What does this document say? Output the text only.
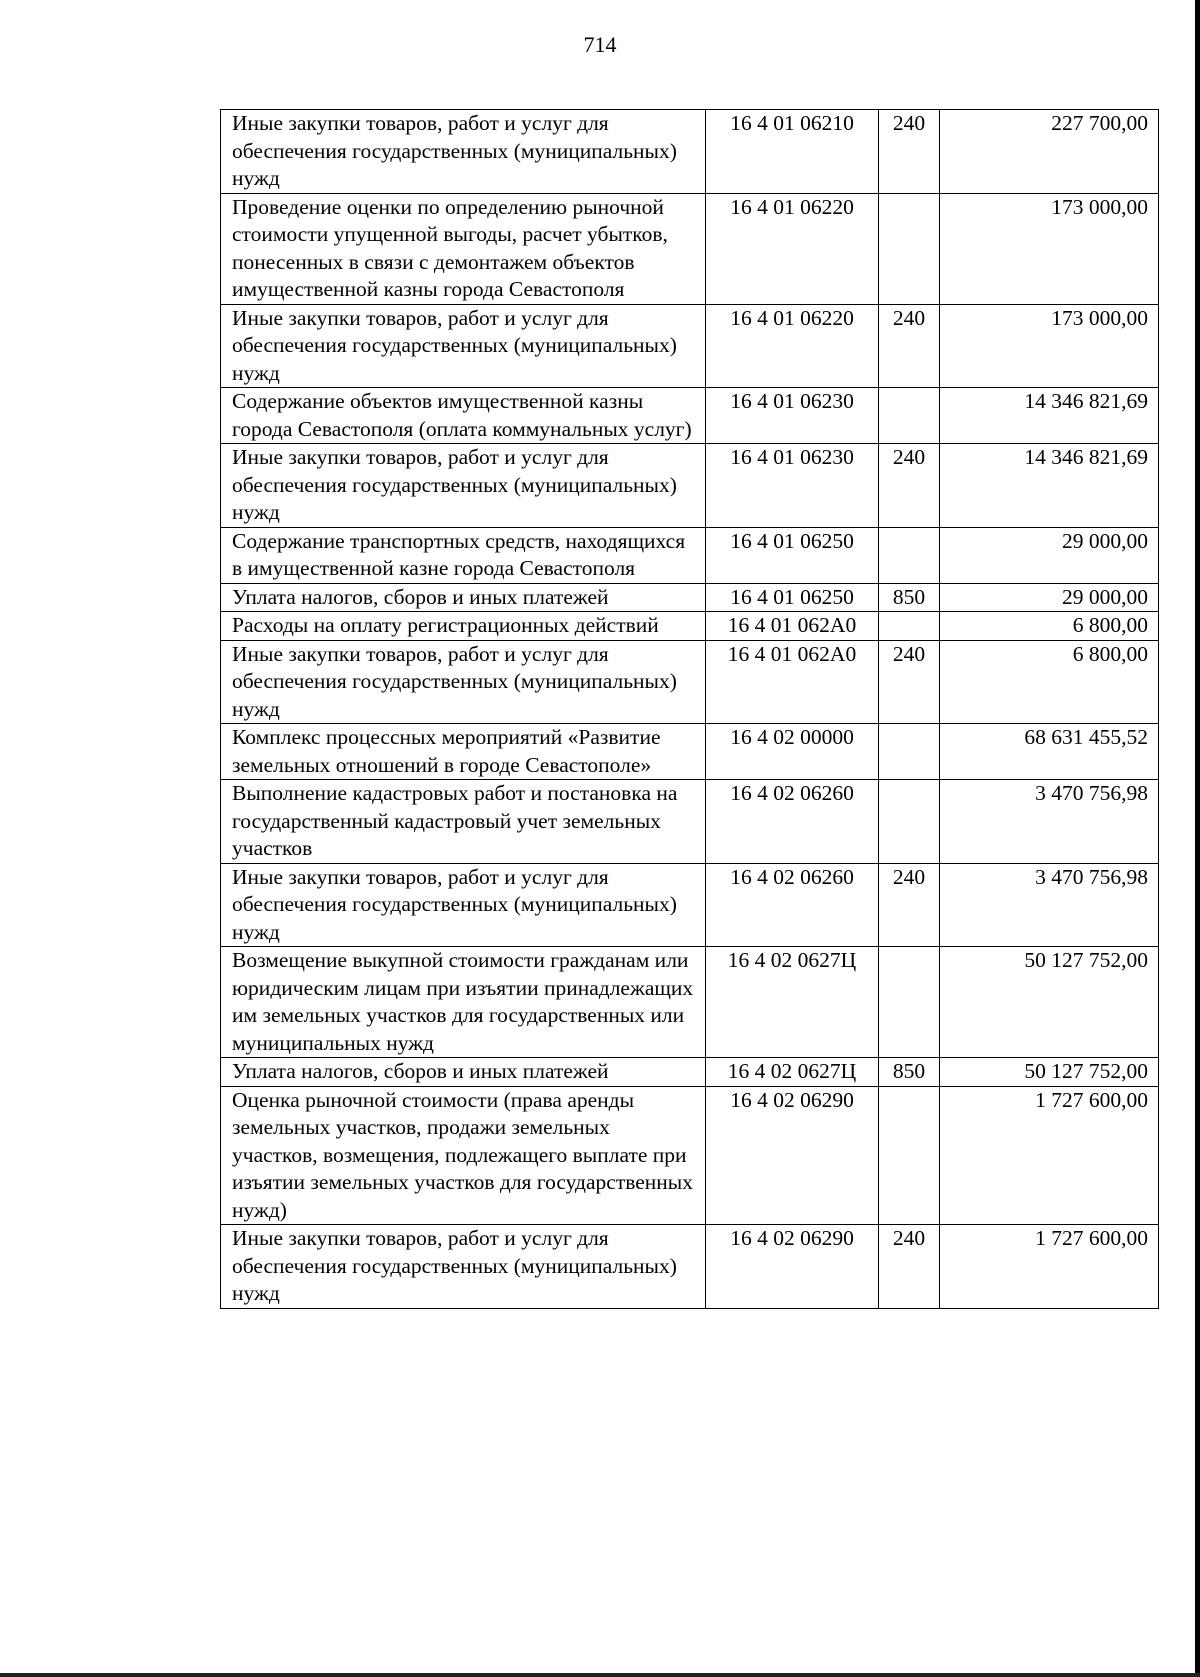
714
Иные закупки товаров, работ и услуг для обеспечения государственных (муниципальных) нужд	16 4 01 06210	240	227 700,00
Проведение оценки по определению рыночной стоимости упущенной выгоды, расчет убытков, понесенных в связи с демонтажем объектов имущественной казны города Севастополя	16 4 01 06220		173 000,00
Иные закупки товаров, работ и услуг для обеспечения государственных (муниципальных) нужд	16 4 01 06220	240	173 000,00
Содержание объектов имущественной казны города Севастополя (оплата коммунальных услуг)	16 4 01 06230		14 346 821,69
Иные закупки товаров, работ и услуг для обеспечения государственных (муниципальных) нужд	16 4 01 06230	240	14 346 821,69
Содержание транспортных средств, находящихся в имущественной казне города Севастополя	16 4 01 06250		29 000,00
Уплата налогов, сборов и иных платежей	16 4 01 06250	850	29 000,00
Расходы на оплату регистрационных действий	16 4 01 062А0		6 800,00
Иные закупки товаров, работ и услуг для обеспечения государственных (муниципальных) нужд	16 4 01 062А0	240	6 800,00
Комплекс процессных мероприятий «Развитие земельных отношений в городе Севастополе»	16 4 02 00000		68 631 455,52
Выполнение кадастровых работ и постановка на государственный кадастровый учет земельных участков	16 4 02 06260		3 470 756,98
Иные закупки товаров, работ и услуг для обеспечения государственных (муниципальных) нужд	16 4 02 06260	240	3 470 756,98
Возмещение выкупной стоимости гражданам или юридическим лицам при изъятии принадлежащих им земельных участков для государственных или муниципальных нужд	16 4 02 0627Ц		50 127 752,00
Уплата налогов, сборов и иных платежей	16 4 02 0627Ц	850	50 127 752,00
Оценка рыночной стоимости (права аренды земельных участков, продажи земельных участков, возмещения, подлежащего выплате при изъятии земельных участков для государственных нужд)	16 4 02 06290		1 727 600,00
Иные закупки товаров, работ и услуг для обеспечения государственных (муниципальных) нужд	16 4 02 06290	240	1 727 600,00
